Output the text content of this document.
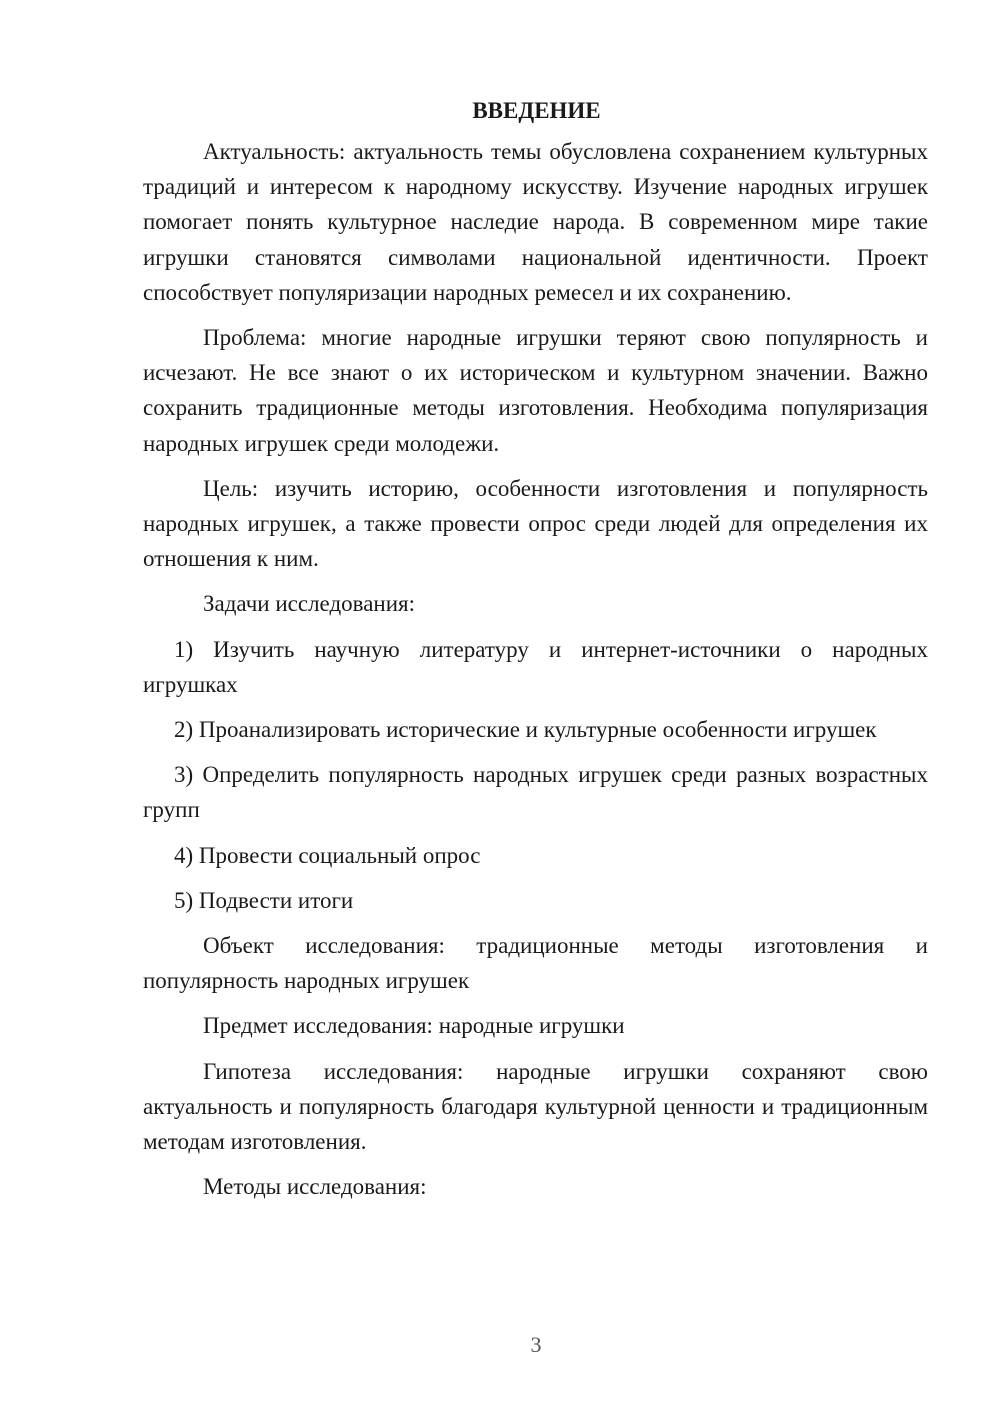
ВВЕДЕНИЕ

Актуальность: актуальность темы обусловлена сохранением культурных традиций и интересом к народному искусству. Изучение народных игрушек помогает понять культурное наследие народа. В современном мире такие игрушки становятся символами национальной идентичности. Проект способствует популяризации народных ремесел и их сохранению.

Проблема: многие народные игрушки теряют свою популярность и исчезают. Не все знают о их историческом и культурном значении. Важно сохранить традиционные методы изготовления. Необходима популяризация народных игрушек среди молодежи.

Цель: изучить историю, особенности изготовления и популярность народных игрушек, а также провести опрос среди людей для определения их отношения к ним.

Задачи исследования:

1) Изучить научную литературу и интернет-источники о народных игрушках

2) Проанализировать исторические и культурные особенности игрушек

3) Определить популярность народных игрушек среди разных возрастных групп

4) Провести социальный опрос

5) Подвести итоги

Объект исследования: традиционные методы изготовления и популярность народных игрушек

Предмет исследования: народные игрушки

Гипотеза исследования: народные игрушки сохраняют свою актуальность и популярность благодаря культурной ценности и традиционным методам изготовления.

Методы исследования:

3
